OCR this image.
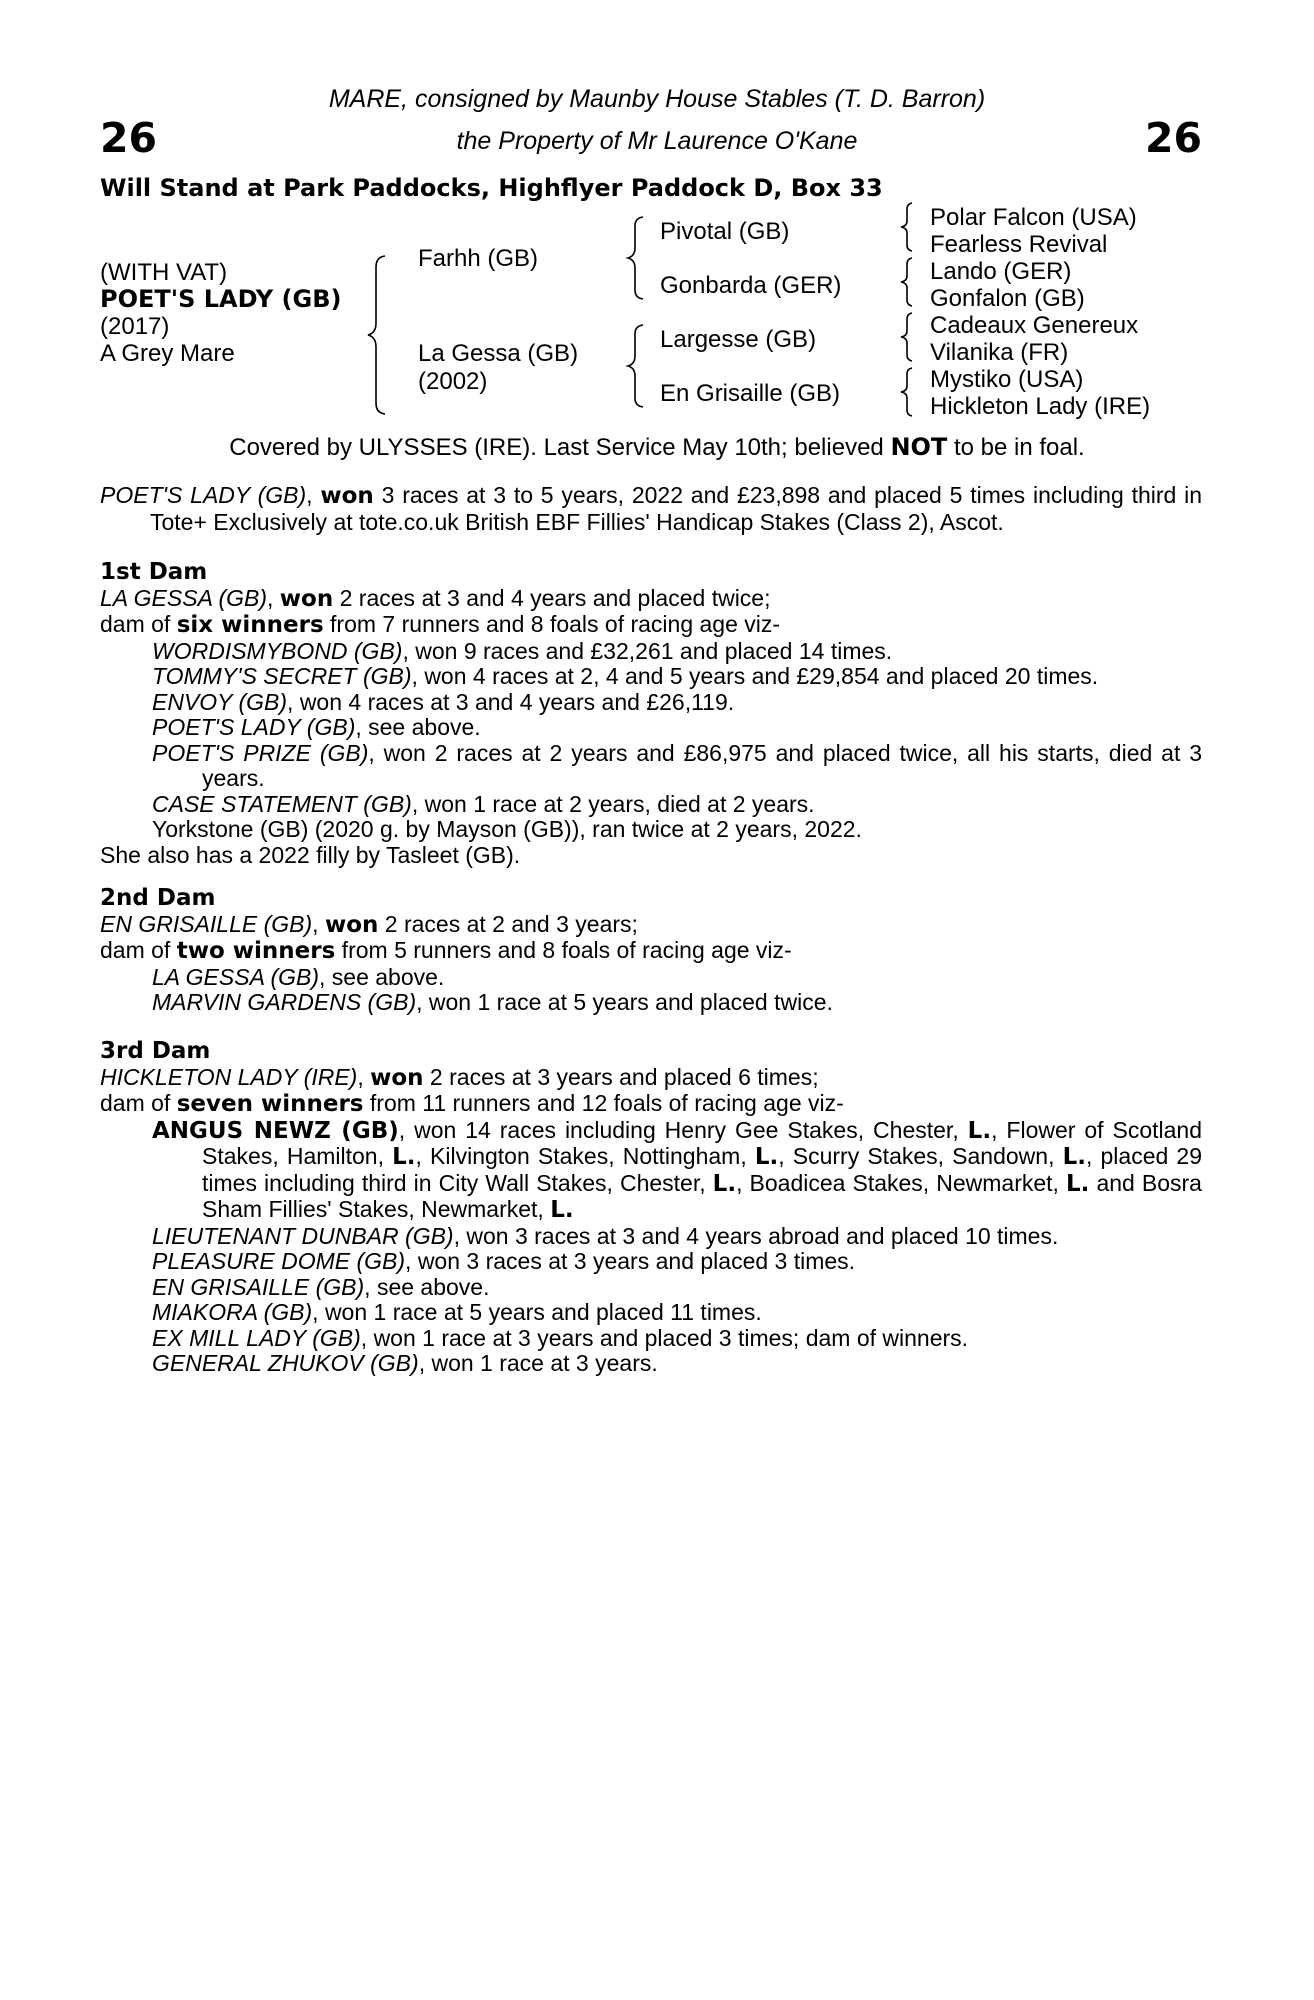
26	26
MARE, consigned by Maunby House Stables (T. D. Barron)
the Property of Mr Laurence O'Kane
Will Stand at Park Paddocks, Highflyer Paddock D, Box 33
(WITH VAT)
POET'S LADY (GB)
(2017)
A Grey Mare
Farhh (GB)
La Gessa (GB)
(2002)
Pivotal (GB)
Gonbarda (GER)
Largesse (GB)
En Grisaille (GB)
Polar Falcon (USA)
Fearless Revival
Lando (GER)
Gonfalon (GB)
Cadeaux Genereux
Vilanika (FR)
Mystiko (USA)
Hickleton Lady (IRE)
Covered by ULYSSES (IRE). Last Service May 10th; believed NOT to be in foal.

POET'S LADY (GB), won 3 races at 3 to 5 years, 2022 and £23,898 and placed 5 times including third in Tote+ Exclusively at tote.co.uk British EBF Fillies' Handicap Stakes (Class 2), Ascot.

1st Dam

LA GESSA (GB), won 2 races at 3 and 4 years and placed twice;

dam of six winners from 7 runners and 8 foals of racing age viz-

WORDISMYBOND (GB), won 9 races and £32,261 and placed 14 times.

TOMMY'S SECRET (GB), won 4 races at 2, 4 and 5 years and £29,854 and placed 20 times.

ENVOY (GB), won 4 races at 3 and 4 years and £26,119.

POET'S LADY (GB), see above.

POET'S PRIZE (GB), won 2 races at 2 years and £86,975 and placed twice, all his starts, died at 3 years.

CASE STATEMENT (GB), won 1 race at 2 years, died at 2 years.

Yorkstone (GB) (2020 g. by Mayson (GB)), ran twice at 2 years, 2022.

She also has a 2022 filly by Tasleet (GB).

2nd Dam

EN GRISAILLE (GB), won 2 races at 2 and 3 years;

dam of two winners from 5 runners and 8 foals of racing age viz-

LA GESSA (GB), see above.

MARVIN GARDENS (GB), won 1 race at 5 years and placed twice.

3rd Dam

HICKLETON LADY (IRE), won 2 races at 3 years and placed 6 times;

dam of seven winners from 11 runners and 12 foals of racing age viz-

ANGUS NEWZ (GB), won 14 races including Henry Gee Stakes, Chester, L., Flower of Scotland Stakes, Hamilton, L., Kilvington Stakes, Nottingham, L., Scurry Stakes, Sandown, L., placed 29 times including third in City Wall Stakes, Chester, L., Boadicea Stakes, Newmarket, L. and Bosra Sham Fillies' Stakes, Newmarket, L.

LIEUTENANT DUNBAR (GB), won 3 races at 3 and 4 years abroad and placed 10 times.

PLEASURE DOME (GB), won 3 races at 3 years and placed 3 times.

EN GRISAILLE (GB), see above.

MIAKORA (GB), won 1 race at 5 years and placed 11 times.

EX MILL LADY (GB), won 1 race at 3 years and placed 3 times; dam of winners.

GENERAL ZHUKOV (GB), won 1 race at 3 years.
